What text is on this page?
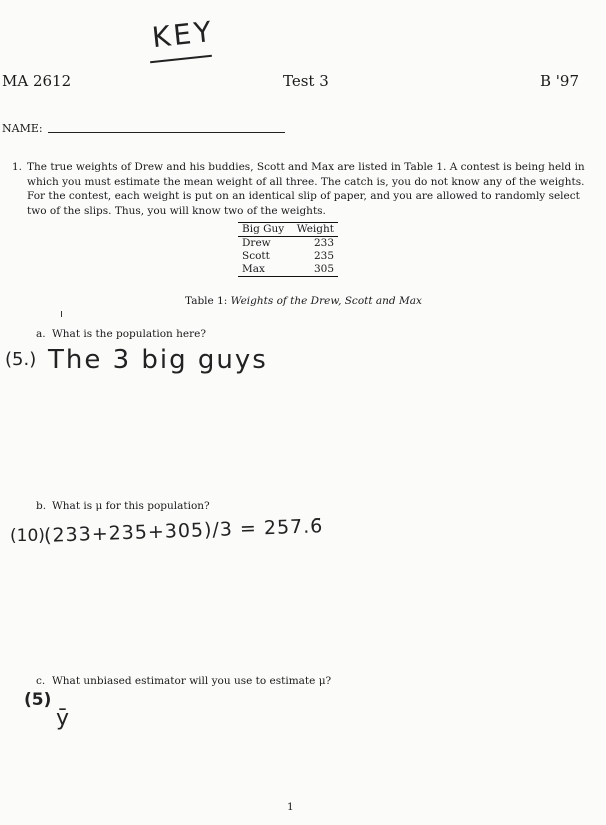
KEY
MA 2612	Test 3	B '97
NAME:
1. The true weights of Drew and his buddies, Scott and Max are listed in Table 1. A contest is being held in which you must estimate the mean weight of all three. The catch is, you do not know any of the weights. For the contest, each weight is put on an identical slip of paper, and you are allowed to randomly select two of the slips. Thus, you will know two of the weights.
Big Guy	Weight
Drew	233
Scott	235
Max	305
Table 1: Weights of the Drew, Scott and Max
a. What is the population here?
(5.) The 3 big guys
b. What is μ for this population?
(10)
(233+235+305)/3 = 257.6̄
c. What unbiased estimator will you use to estimate μ?
(5)
ȳ
1
